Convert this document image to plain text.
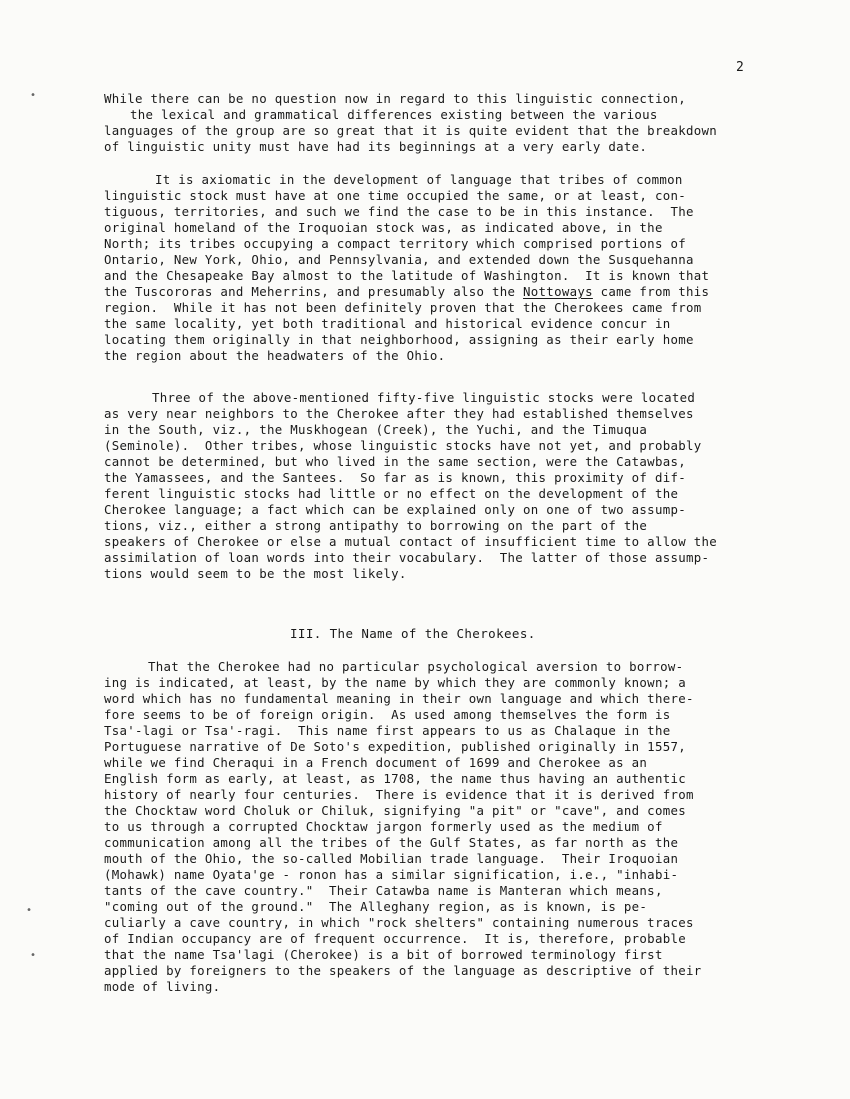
2
•	While there can be no question now in regard to this linguistic connection,
the lexical and grammatical differences existing between the various
languages of the group are so great that it is quite evident that the breakdown
of linguistic unity must have had its beginnings at a very early date.
It is axiomatic in the development of language that tribes of common
linguistic stock must have at one time occupied the same, or at least, con-
tiguous, territories, and such we find the case to be in this instance.  The
original homeland of the Iroquoian stock was, as indicated above, in the
North; its tribes occupying a compact territory which comprised portions of
Ontario, New York, Ohio, and Pennsylvania, and extended down the Susquehanna
and the Chesapeake Bay almost to the latitude of Washington.  It is known that
the Tuscororas and Meherrins, and presumably also the Nottoways came from this
region.  While it has not been definitely proven that the Cherokees came from
the same locality, yet both traditional and historical evidence concur in
locating them originally in that neighborhood, assigning as their early home
the region about the headwaters of the Ohio.
Three of the above-mentioned fifty-five linguistic stocks were located
as very near neighbors to the Cherokee after they had established themselves
in the South, viz., the Muskhogean (Creek), the Yuchi, and the Timuqua
(Seminole).  Other tribes, whose linguistic stocks have not yet, and probably
cannot be determined, but who lived in the same section, were the Catawbas,
the Yamassees, and the Santees.  So far as is known, this proximity of dif-
ferent linguistic stocks had little or no effect on the development of the
Cherokee language; a fact which can be explained only on one of two assump-
tions, viz., either a strong antipathy to borrowing on the part of the
speakers of Cherokee or else a mutual contact of insufficient time to allow the
assimilation of loan words into their vocabulary.  The latter of those assump-
tions would seem to be the most likely.
III. The Name of the Cherokees.
That the Cherokee had no particular psychological aversion to borrow-
ing is indicated, at least, by the name by which they are commonly known; a
word which has no fundamental meaning in their own language and which there-
fore seems to be of foreign origin.  As used among themselves the form is
Tsa'-lagi or Tsa'-ragi.  This name first appears to us as Chalaque in the
Portuguese narrative of De Soto's expedition, published originally in 1557,
while we find Cheraqui in a French document of 1699 and Cherokee as an
English form as early, at least, as 1708, the name thus having an authentic
history of nearly four centuries.  There is evidence that it is derived from
the Chocktaw word Choluk or Chiluk, signifying "a pit" or "cave", and comes
to us through a corrupted Chocktaw jargon formerly used as the medium of
communication among all the tribes of the Gulf States, as far north as the
mouth of the Ohio, the so-called Mobilian trade language.  Their Iroquoian
(Mohawk) name Oyata'ge - ronon has a similar signification, i.e., "inhabi-
tants of the cave country."  Their Catawba name is Manteran which means,
"coming out of the ground."  The Alleghany region, as is known, is pe-
culiarly a cave country, in which "rock shelters" containing numerous traces
of Indian occupancy are of frequent occurrence.  It is, therefore, probable
that the name Tsa'lagi (Cherokee) is a bit of borrowed terminology first
applied by foreigners to the speakers of the language as descriptive of their
mode of living.
•
•
